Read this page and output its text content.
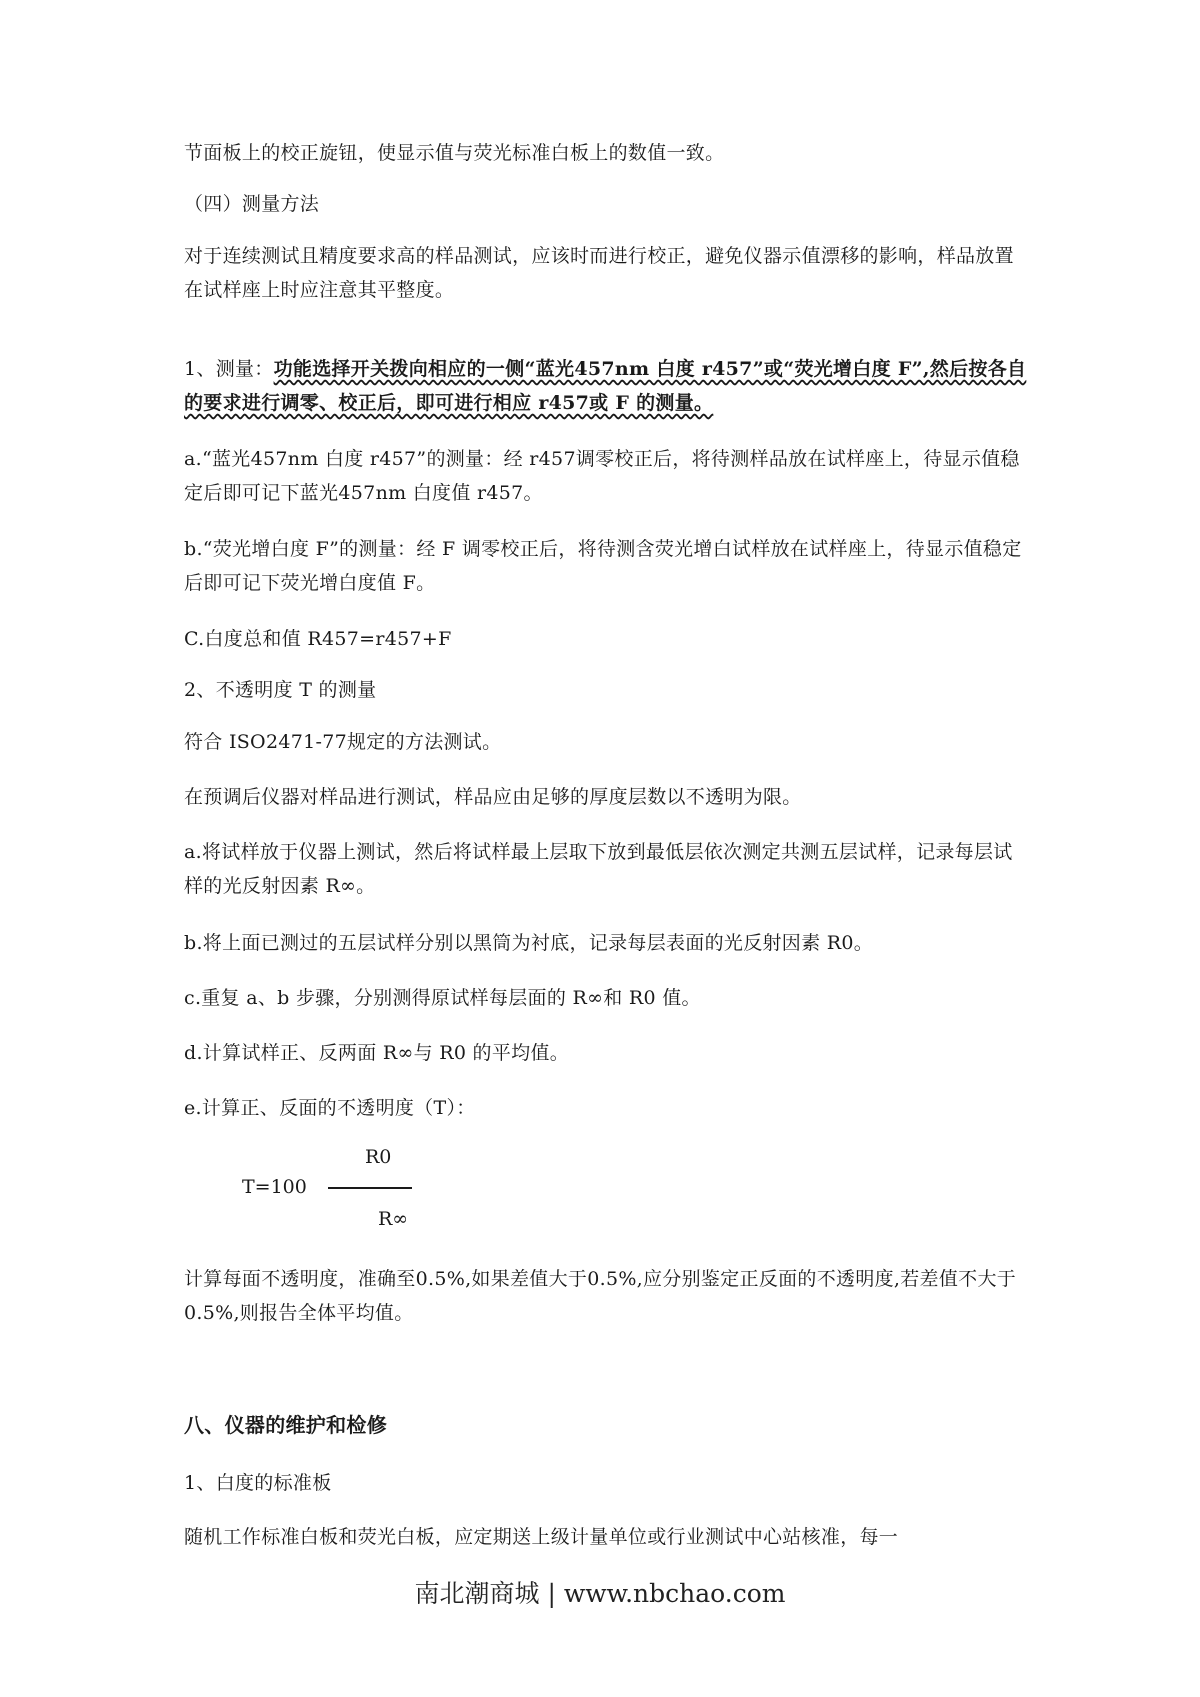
节面板上的校正旋钮，使显示值与荧光标准白板上的数值一致。

（四）测量方法

对于连续测试且精度要求高的样品测试，应该时而进行校正，避免仪器示值漂移的影响，样品放置在试样座上时应注意其平整度。

1、测量：功能选择开关拨向相应的一侧“蓝光457nm 白度 r457”或“荧光增白度 F”,然后按各自的要求进行调零、校正后，即可进行相应 r457或 F 的测量。

a.“蓝光457nm 白度 r457”的测量：经 r457调零校正后，将待测样品放在试样座上，待显示值稳定后即可记下蓝光457nm 白度值 r457。

b.“荧光增白度 F”的测量：经 F 调零校正后，将待测含荧光增白试样放在试样座上，待显示值稳定后即可记下荧光增白度值 F。

C.白度总和值 R457=r457+F

2、不透明度 T 的测量

符合 ISO2471-77规定的方法测试。

在预调后仪器对样品进行测试，样品应由足够的厚度层数以不透明为限。

a.将试样放于仪器上测试，然后将试样最上层取下放到最低层依次测定共测五层试样，记录每层试样的光反射因素 R∞。

b.将上面已测过的五层试样分别以黑筒为衬底，记录每层表面的光反射因素 R0。

c.重复 a、b 步骤，分别测得原试样每层面的 R∞和 R0 值。

d.计算试样正、反两面 R∞与 R0 的平均值。

e.计算正、反面的不透明度（T）：

R0
T=100
R∞

计算每面不透明度，准确至0.5%,如果差值大于0.5%,应分别鉴定正反面的不透明度,若差值不大于0.5%,则报告全体平均值。

八、仪器的维护和检修

1、白度的标准板

随机工作标准白板和荧光白板，应定期送上级计量单位或行业测试中心站核准，每一

南北潮商城 | www.nbchao.com
